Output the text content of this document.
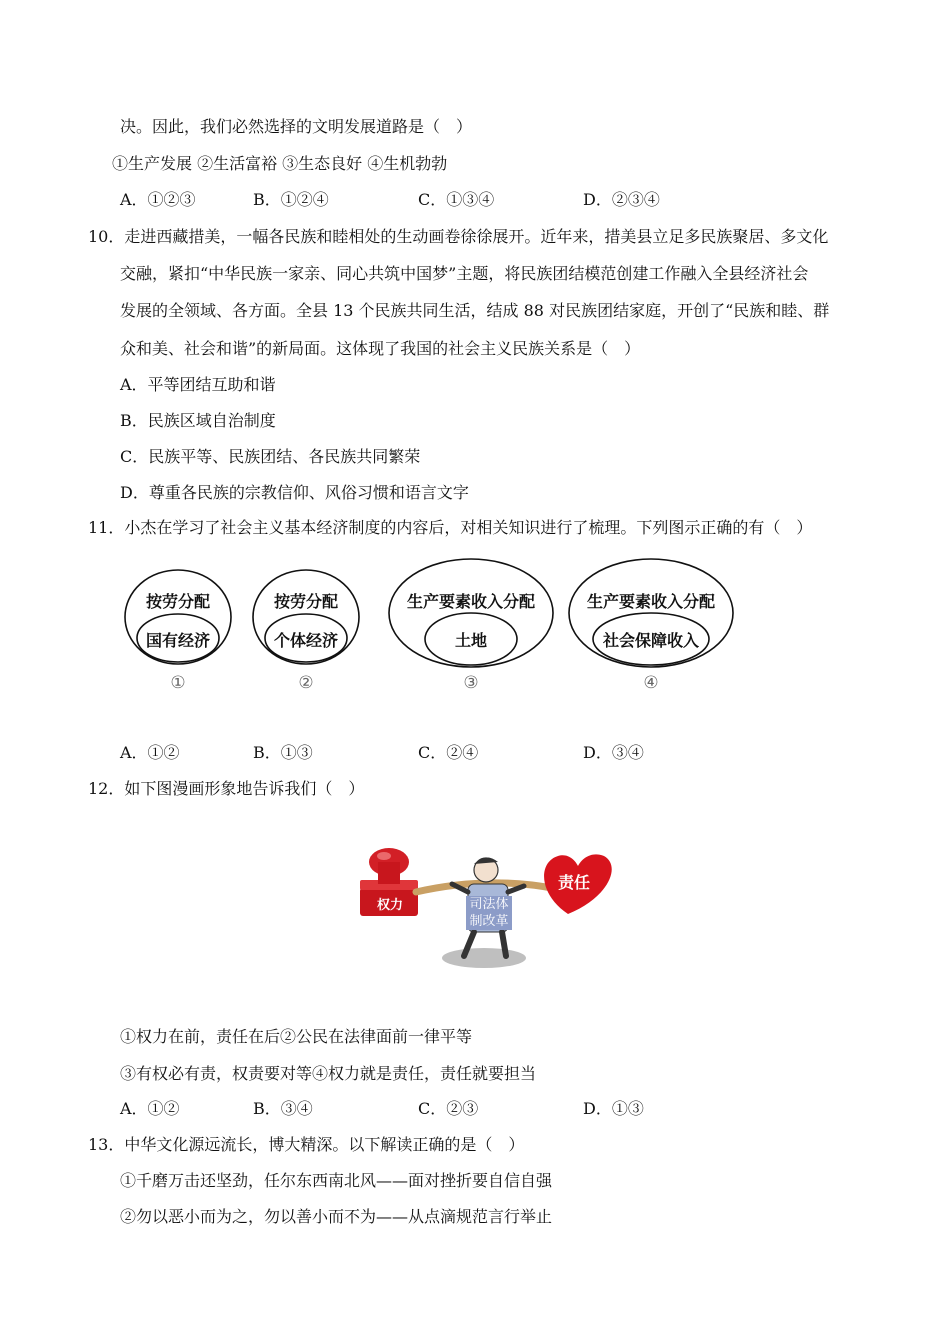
决。因此，我们必然选择的文明发展道路是（　）
①生产发展 ②生活富裕 ③生态良好 ④生机勃勃
A．①②③	B．①②④	C．①③④	D．②③④
10．走进西藏措美，一幅各民族和睦相处的生动画卷徐徐展开。近年来，措美县立足多民族聚居、多文化
交融，紧扣“中华民族一家亲、同心共筑中国梦”主题，将民族团结模范创建工作融入全县经济社会
发展的全领域、各方面。全县 13 个民族共同生活，结成 88 对民族团结家庭，开创了“民族和睦、群
众和美、社会和谐”的新局面。这体现了我国的社会主义民族关系是（　）
A．平等团结互助和谐
B．民族区域自治制度
C．民族平等、民族团结、各民族共同繁荣
D．尊重各民族的宗教信仰、风俗习惯和语言文字
11．小杰在学习了社会主义基本经济制度的内容后，对相关知识进行了梳理。下列图示正确的有（　）
按劳分配
国有经济
①
按劳分配
个体经济
②
生产要素收入分配
土地
③
生产要素收入分配
社会保障收入
④
A．①②	B．①③	C．②④	D．③④
12．如下图漫画形象地告诉我们（　）
权力
责任
司法体制改革
①权力在前，责任在后②公民在法律面前一律平等
③有权必有责，权责要对等④权力就是责任，责任就要担当
A．①②	B．③④	C．②③	D．①③
13．中华文化源远流长，博大精深。以下解读正确的是（　）
①千磨万击还坚劲，任尔东西南北风——面对挫折要自信自强
②勿以恶小而为之，勿以善小而不为——从点滴规范言行举止
